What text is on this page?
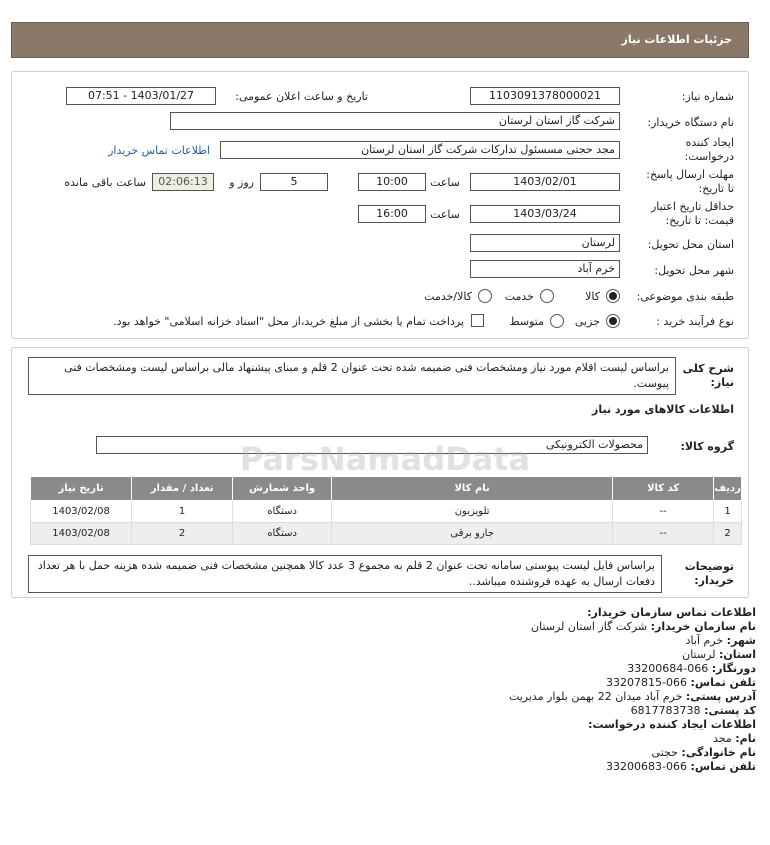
جزئیات اطلاعات نیاز
شماره نیاز:
1103091378000021
تاریخ و ساعت اعلان عمومی:
1403/01/27 - 07:51
نام دستگاه خریدار:
شرکت گاز استان لرستان
ایجاد کننده
درخواست:
مجد حجتی مسسئول تدارکات شرکت گاز استان لرستان
اطلاعات تماس خریدار
مهلت ارسال پاسخ:
تا تاریخ:
1403/02/01
ساعت
10:00
5
روز و
02:06:13
ساعت باقی مانده
حداقل تاریخ اعتبار
قیمت: تا تاریخ:
1403/03/24
ساعت
16:00
استان محل تحویل:
لرستان
شهر محل تحویل:
خرم آباد
طبقه بندی موضوعی:
کالا
خدمت
کالا/خدمت
نوع فرآیند خرید :
جزیی
متوسط
پرداخت تمام یا بخشی از مبلغ خرید،از محل "اسناد خزانه اسلامی" خواهد بود.
شرح کلی
نیاز:
براساس لیست اقلام مورد نیاز ومشخصات فنی ضمیمه شده تحت عنوان 2 قلم و مبنای پیشنهاد مالی براساس لیست ومشخصات فنی پیوست.
اطلاعات کالاهای مورد نیاز
گروه کالا:
محصولات الکترونیکی
ردیف	کد کالا	نام کالا	واحد شمارش	تعداد / مقدار	تاریخ نیاز
1	--	تلویزیون	دستگاه	1	1403/02/08
2	--	جارو برقی	دستگاه	2	1403/02/08
توضیحات
خریدار:
براساس فایل لیست پیوستی سامانه تحت عنوان 2 قلم به مجموع 3 عدد کالا همچنین مشخصات فنی ضمیمه شده هزینه حمل با هر تعداد دفعات ارسال به عهده فروشنده میباشد..
اطلاعات تماس سازمان خریدار:
نام سازمان خریدار: شرکت گاز استان لرستان
شهر: خرم آباد
استان: لرستان
دورنگار: 066-33200684
تلفن تماس: 066-33207815
آدرس پستی: خرم آباد میدان 22 بهمن بلوار مدیریت
کد پستی: 6817783738
اطلاعات ایجاد کننده درخواست:
نام: مجد
نام خانوادگی: حجتی
تلفن تماس: 066-33200683
ParsNamadData
